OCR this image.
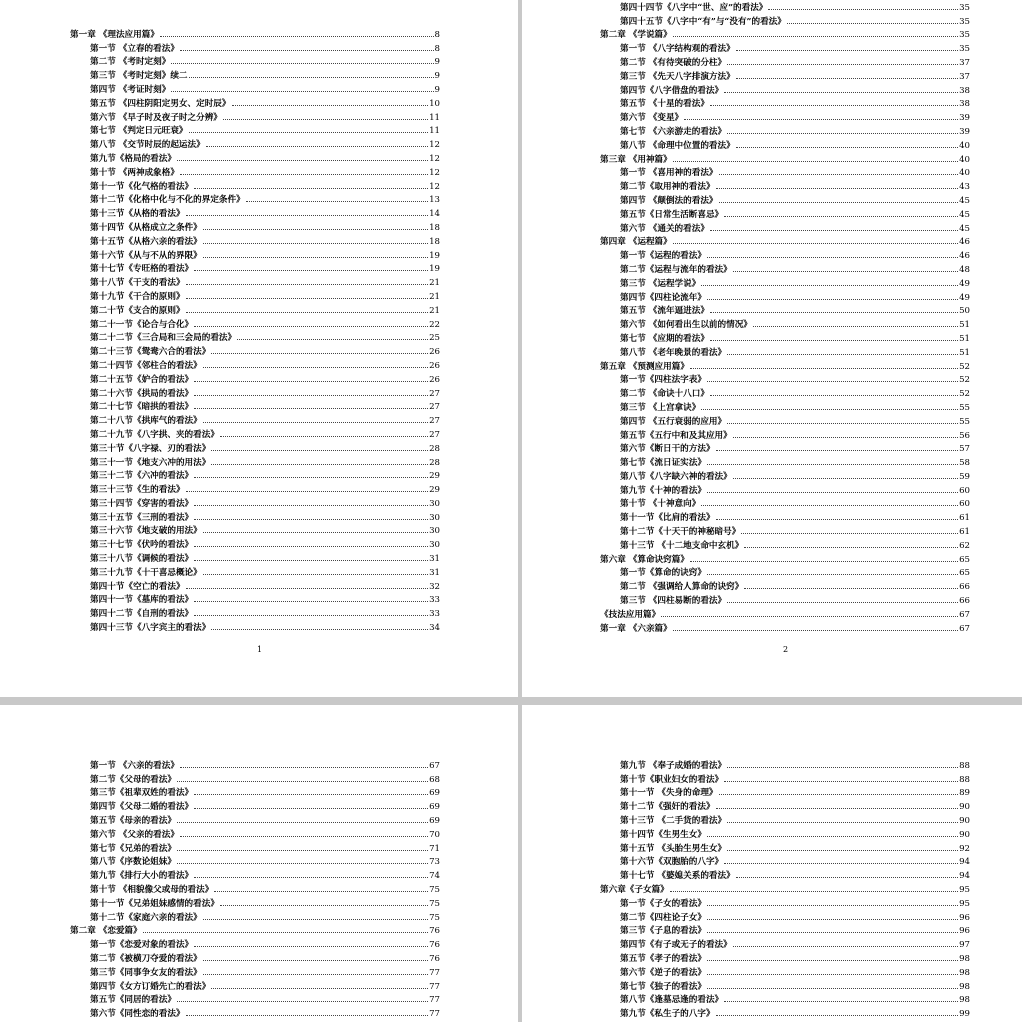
第一章 《理法应用篇》	8
第一节 《立春的看法》	8
第二节 《考时定刻》	9
第三节 《考时定刻》续二	9
第四节 《考证时刻》	9
第五节 《四柱阴阳定男女、定时辰》	10
第六节 《早子时及夜子时之分辨》	11
第七节 《判定日元旺衰》	11
第八节 《交节时辰的起运法》	12
第九节《格局的看法》	12
第十节 《两神成象格》	12
第十一节《化气格的看法》	12
第十二节《化格中化与不化的界定条件》	13
第十三节《从格的看法》	14
第十四节《从格成立之条件》	18
第十五节《从格六亲的看法》	18
第十六节《从与不从的界限》	19
第十七节《专旺格的看法》	19
第十八节《干支的看法》	21
第十九节《干合的原则》	21
第二十节《支合的原则》	21
第二十一节《论合与合化》	22
第二十二节《三合局和三会局的看法》	25
第二十三节《鸳鸯六合的看法》	26
第二十四节《邻柱合的看法》	26
第二十五节《妒合的看法》	26
第二十六节《拱局的看法》	27
第二十七节《暗拱的看法》	27
第二十八节《拱库气的看法》	27
第二十九节《八字拱、夹的看法》	27
第三十节《八字禄、刃的看法》	28
第三十一节《地支六冲的用法》	28
第三十二节《六冲的看法》	29
第三十三节《生的看法》	29
第三十四节《穿害的看法》	30
第三十五节《三刑的看法》	30
第三十六节《地支破的用法》	30
第三十七节《伏吟的看法》	30
第三十八节《调候的看法》	31
第三十九节《十干喜忌概论》	31
第四十节《空亡的看法》	32
第四十一节《墓库的看法》	33
第四十二节《自刑的看法》	33
第四十三节《八字宾主的看法》	34
1
第四十四节《八字中“世、应”的看法》	35
第四十五节《八字中“有”与“没有”的看法》	35
第二章 《学说篇》	35
第一节 《八字结构观的看法》	35
第二节 《有待突破的分柱》	37
第三节 《先天八字排演方法》	37
第四节《八字借盘的看法》	38
第五节 《十星的看法》	38
第六节 《变星》	39
第七节 《六亲游走的看法》	39
第八节 《命理中位置的看法》	40
第三章 《用神篇》	40
第一节 《喜用神的看法》	40
第二节《取用神的看法》	43
第四节 《颠倒法的看法》	45
第五节《日常生活断喜忌》	45
第六节 《通关的看法》	45
第四章 《运程篇》	46
第一节《运程的看法》	46
第二节《运程与流年的看法》	48
第三节 《运程学说》	49
第四节《四柱论流年》	49
第五节 《流年逼进法》	50
第六节 《如何看出生以前的情况》	51
第七节 《应期的看法》	51
第八节 《老年晚景的看法》	51
第五章 《预测应用篇》	52
第一节《四柱法字表》	52
第二节 《命诀十八口》	52
第三节 《上宫拿诀》	55
第四节 《五行衰弱的应用》	55
第五节《五行中和及其应用》	56
第六节《断日干的方法》	57
第七节《流日证实法》	58
第八节《八字缺六神的看法》	59
第九节《十神的看法》	60
第十节 《十神意向》	60
第十一节《比肩的看法》	61
第十二节《十天干的神秘暗号》	61
第十三节 《十二地支命中玄机》	62
第六章 《算命诀窍篇》	65
第一节《算命的诀窍》	65
第二节 《强调给人算命的诀窍》	66
第三节 《四柱易断的看法》	66
《技法应用篇》	67
第一章 《六亲篇》	67
2
第一节 《六亲的看法》	67
第二节《父母的看法》	68
第三节《祖辈双姓的看法》	69
第四节《父母二婚的看法》	69
第五节《母亲的看法》	69
第六节 《父亲的看法》	70
第七节《兄弟的看法》	71
第八节《序数论姐妹》	73
第九节《排行大小的看法》	74
第十节 《相貌像父或母的看法》	75
第十一节《兄弟姐妹感情的看法》	75
第十二节《家庭六亲的看法》	75
第二章 《恋爱篇》	76
第一节《恋爱对象的看法》	76
第二节《被横刀夺爱的看法》	76
第三节《同事争女友的看法》	77
第四节《女方订婚先亡的看法》	77
第五节《同居的看法》	77
第六节《同性恋的看法》	77
第九节 《奉子成婚的看法》	88
第十节《职业妇女的看法》	88
第十一节 《失身的命理》	89
第十二节《强奸的看法》	90
第十三节 《二手货的看法》	90
第十四节《生男生女》	90
第十五节 《头胎生男生女》	92
第十六节《双胞胎的八字》	94
第十七节 《婆媳关系的看法》	94
第六章《子女篇》	95
第一节《子女的看法》	95
第二节《四柱论子女》	96
第三节《子息的看法》	96
第四节《有子或无子的看法》	97
第五节《孝子的看法》	98
第六节《逆子的看法》	98
第七节《独子的看法》	98
第八节《逢墓忌逢的看法》	98
第九节《私生子的八字》	99
